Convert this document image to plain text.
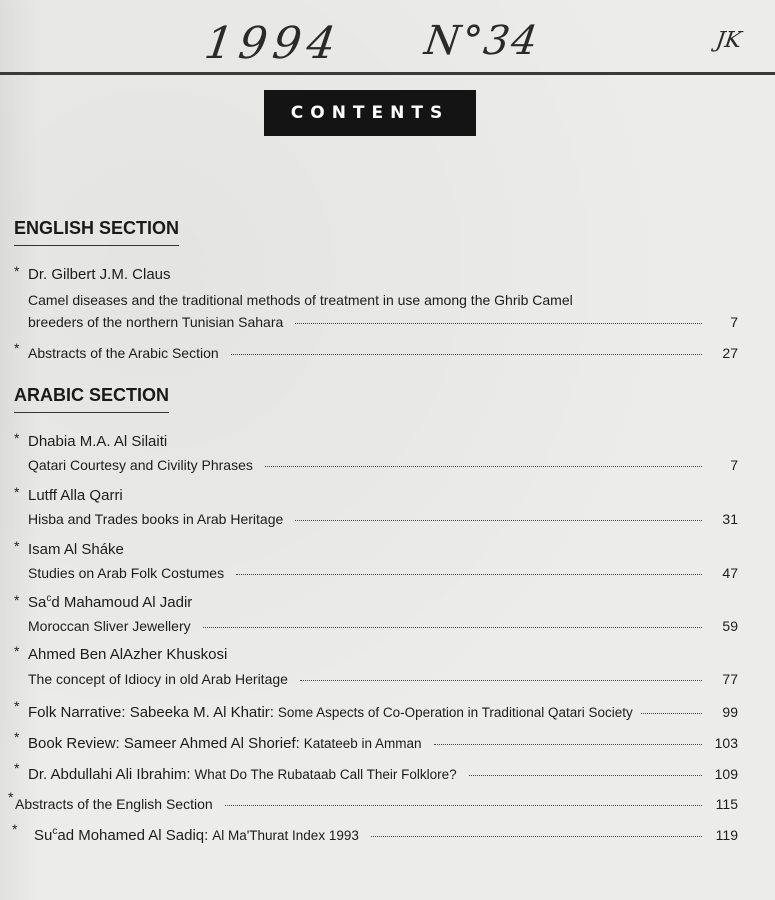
1994 N°34	JK
CONTENTS
ENGLISH SECTION
* Dr. Gilbert J.M. Claus
Camel diseases and the traditional methods of treatment in use among the Ghrib Camel
breeders of the northern Tunisian Sahara	7
* Abstracts of the Arabic Section	27
ARABIC SECTION
* Dhabia M.A. Al Silaiti
Qatari Courtesy and Civility Phrases	7
* Lutff Alla Qarri
Hisba and Trades books in Arab Heritage	31
* Isam Al Sháke
Studies on Arab Folk Costumes	47
* Sa$^c$d Mahamoud Al Jadir
Moroccan Sliver Jewellery	59
* Ahmed Ben AlAzher Khuskosi
The concept of Idiocy in old Arab Heritage	77
* Folk Narrative: Sabeeka M. Al Khatir: Some Aspects of Co-Operation in Traditional Qatari Society	99
* Book Review: Sameer Ahmed Al Shorief: Katateeb in Amman	103
* Dr. Abdullahi Ali Ibrahim: What Do The Rubataab Call Their Folklore?	109
* Abstracts of the English Section	115
* Su$^c$ad Mohamed Al Sadiq: Al Ma'Thurat Index 1993	119
